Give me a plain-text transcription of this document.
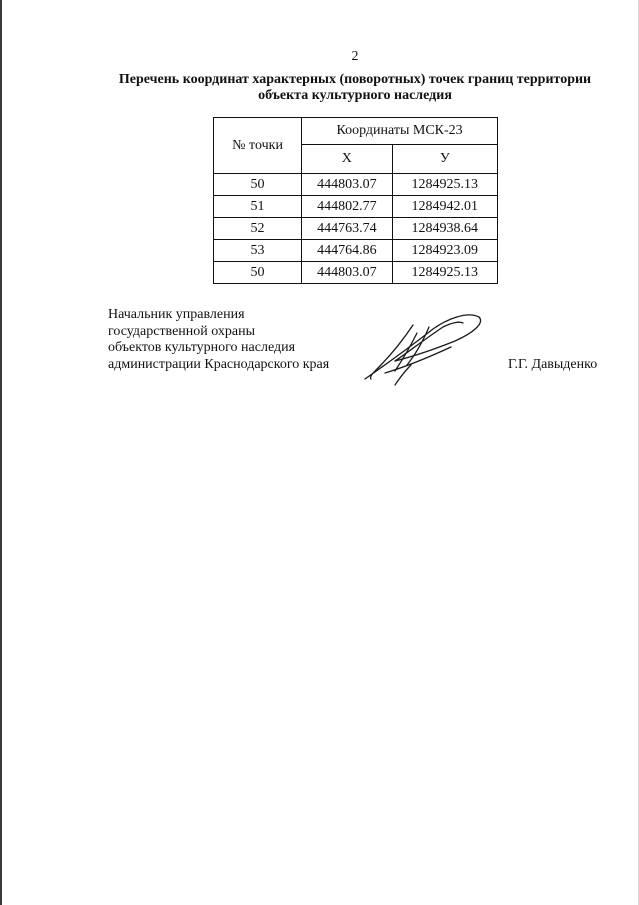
2
Перечень координат характерных (поворотных) точек границ территории
объекта культурного наследия
№ точки	Координаты МСК-23	
	X	У
50	444803.07	1284925.13
51	444802.77	1284942.01
52	444763.74	1284938.64
53	444764.86	1284923.09
50	444803.07	1284925.13
Начальник управления
государственной охраны
объектов культурного наследия
администрации Краснодарского края	Г.Г. Давыденко
